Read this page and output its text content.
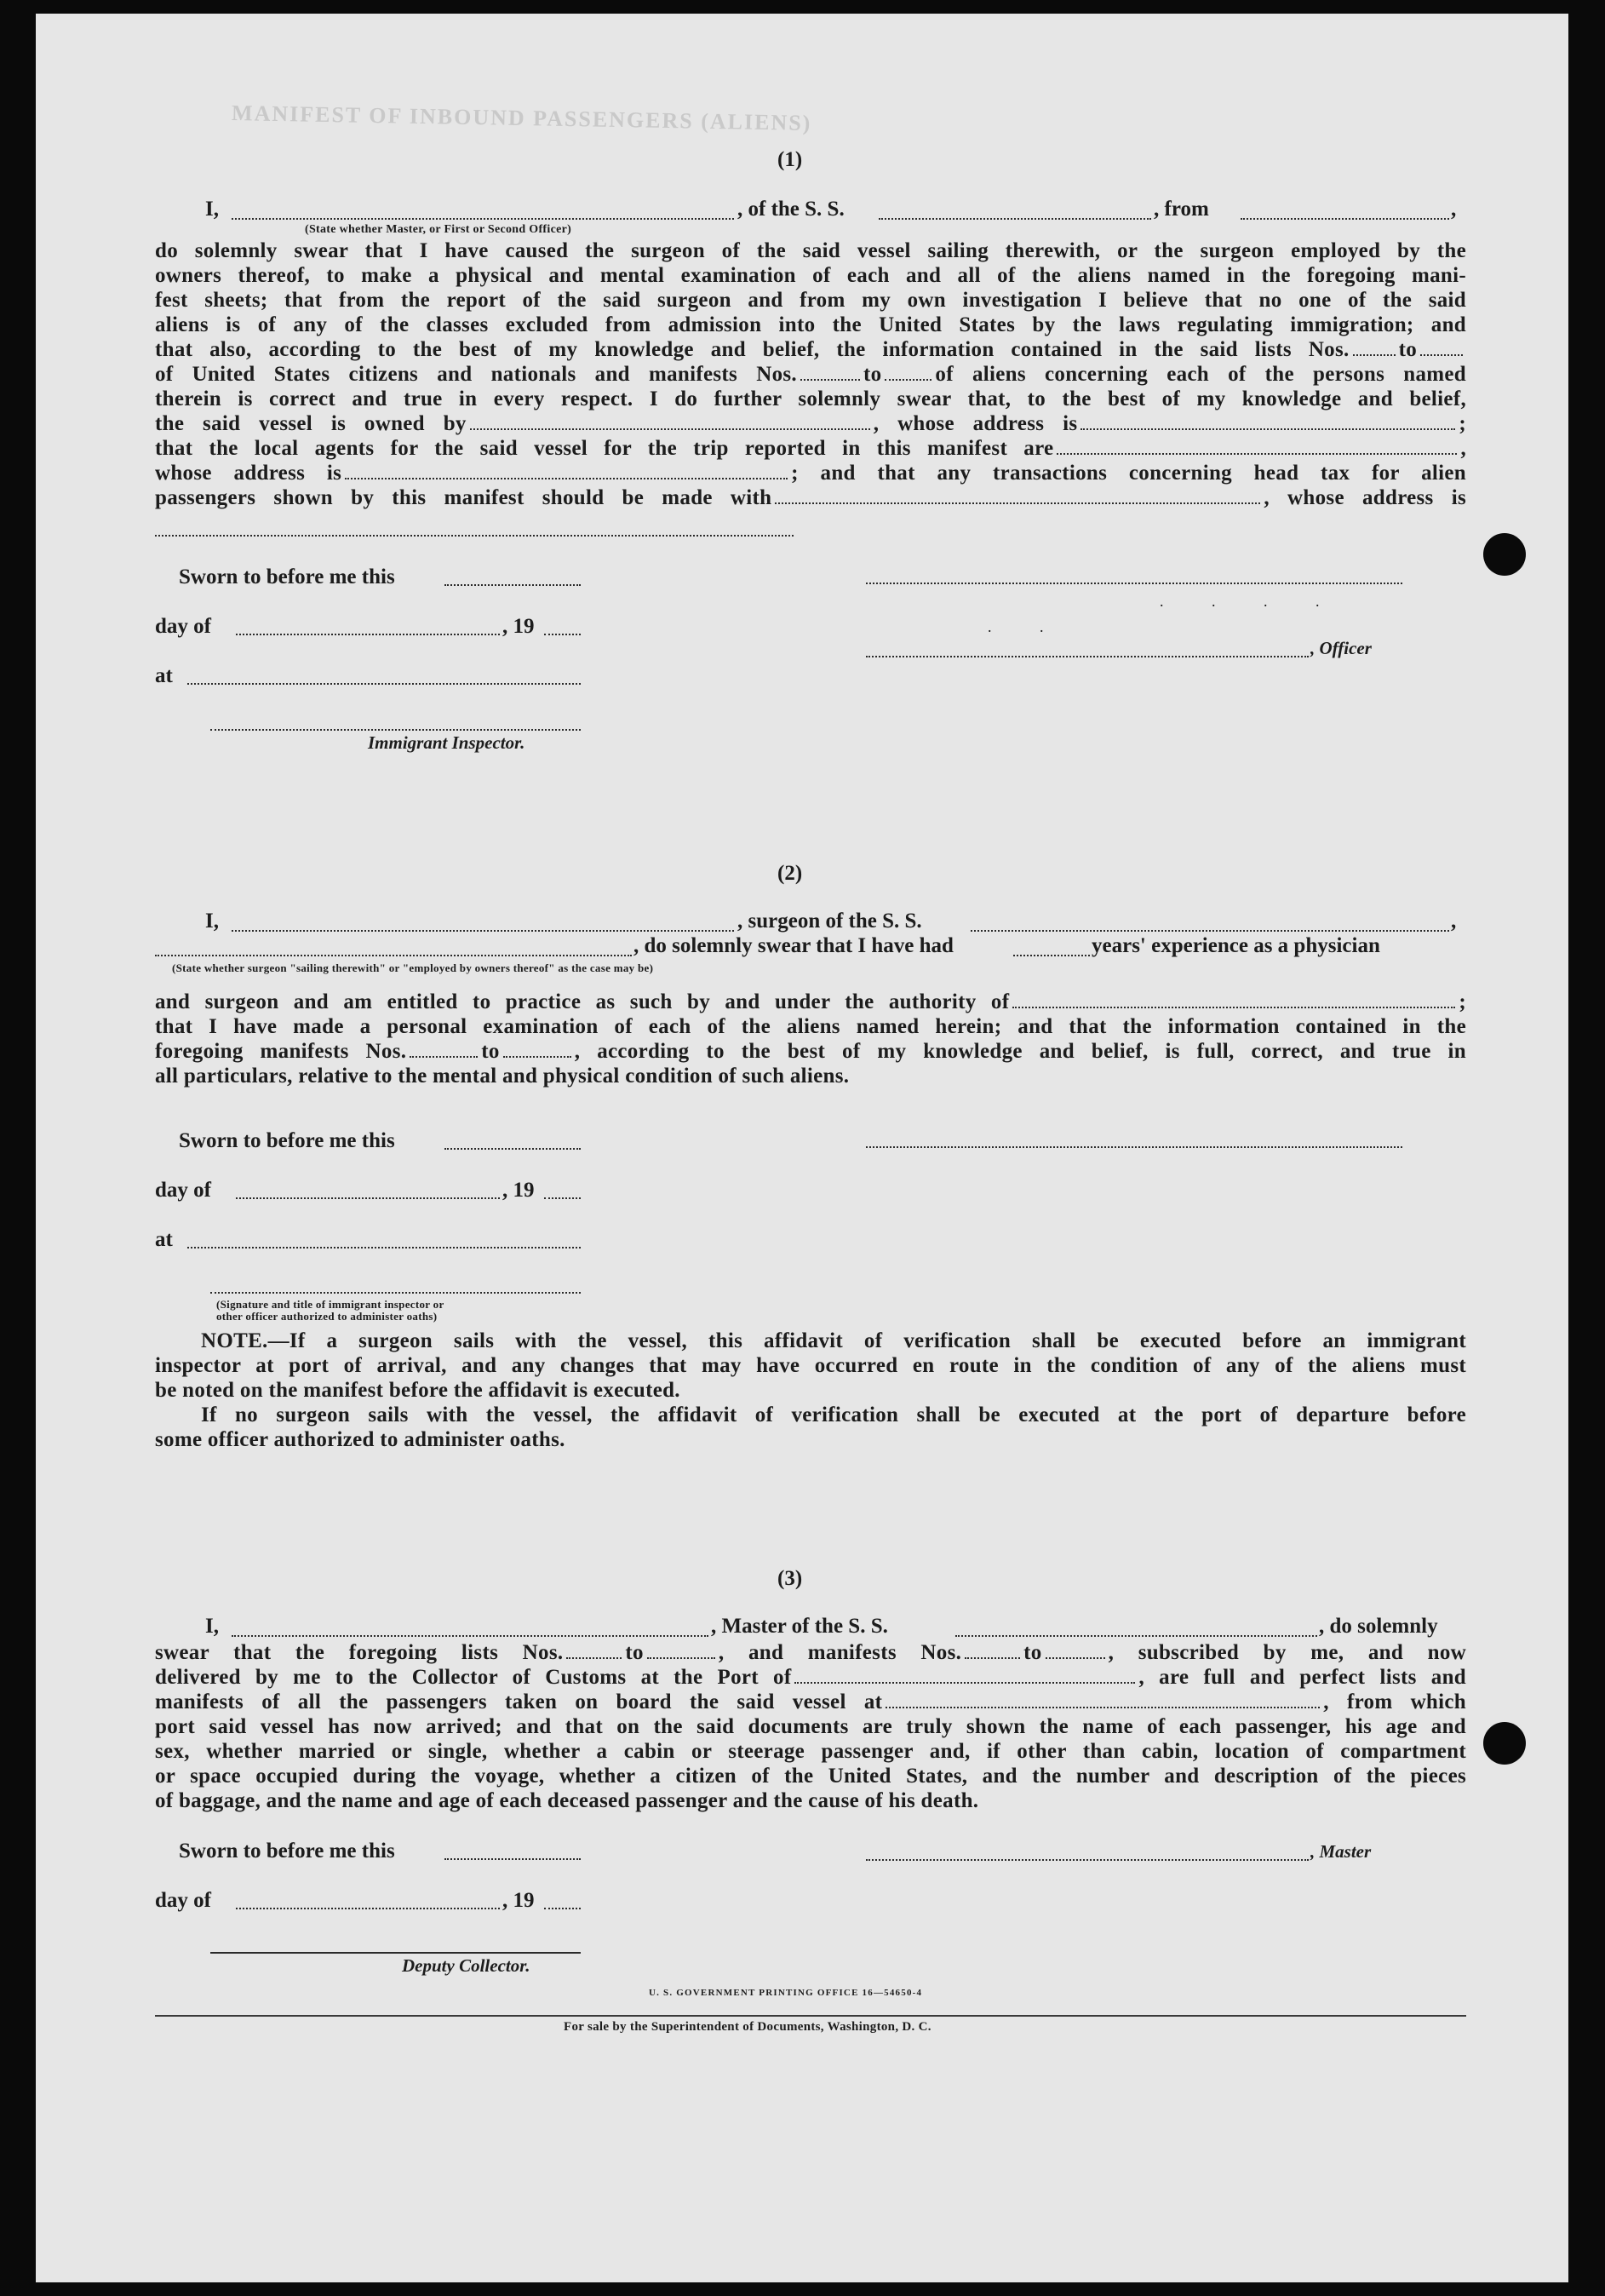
MANIFEST OF INBOUND PASSENGERS (ALIENS)
(1)
I,	, of the S. S.	, from	,
(State whether Master, or First or Second Officer)
do solemnly swear that I have caused the surgeon of the said vessel sailing therewith, or the surgeon employed by the
owners thereof, to make a physical and mental examination of each and all of the aliens named in the foregoing mani-
fest sheets; that from the report of the said surgeon and from my own investigation I believe that no one of the said
aliens is of any of the classes excluded from admission into the United States by the laws regulating immigration; and
that also, according to the best of my knowledge and belief, the information contained in the said lists Nos. to
of United States citizens and nationals and manifests Nos.	to	of aliens concerning each of the persons named
therein is correct and true in every respect. I do further solemnly swear that, to the best of my knowledge and belief,
the said vessel is owned by	, whose address is	;
that the local agents for the said vessel for the trip reported in this manifest are	,
whose address is	; and that any transactions concerning head tax for alien
passengers shown by this manifest should be made with	, whose address is
Sworn to before me this
day of	, 19
at
Immigrant Inspector.
, Officer
(2)
I,	, surgeon of the S. S.	,
, do solemnly swear that I have had	years' experience as a physician
(State whether surgeon "sailing therewith" or "employed by owners thereof" as the case may be)
and surgeon and am entitled to practice as such by and under the authority of	;
that I have made a personal examination of each of the aliens named herein; and that the information contained in the
foregoing manifests Nos.	to	, according to the best of my knowledge and belief, is full, correct, and true in
all particulars, relative to the mental and physical condition of such aliens.
Sworn to before me this
day of	, 19
at
(Signature and title of immigrant inspector or
other officer authorized to administer oaths)
NOTE.—If a surgeon sails with the vessel, this affidavit of verification shall be executed before an immigrant
inspector at port of arrival, and any changes that may have occurred en route in the condition of any of the aliens must
be noted on the manifest before the affidavit is executed.
If no surgeon sails with the vessel, the affidavit of verification shall be executed at the port of departure before
some officer authorized to administer oaths.
(3)
I,	, Master of the S. S.	, do solemnly
swear that the foregoing lists Nos.	to	, and manifests Nos.	to	, subscribed by me, and now
delivered by me to the Collector of Customs at the Port of	, are full and perfect lists and
manifests of all the passengers taken on board the said vessel at	, from which
port said vessel has now arrived; and that on the said documents are truly shown the name of each passenger, his age and
sex, whether married or single, whether a cabin or steerage passenger and, if other than cabin, location of compartment
or space occupied during the voyage, whether a citizen of the United States, and the number and description of the pieces
of baggage, and the name and age of each deceased passenger and the cause of his death.
Sworn to before me this	, Master
day of	, 19
Deputy Collector.
U. S. GOVERNMENT PRINTING OFFICE 16—54650-4
For sale by the Superintendent of Documents, Washington, D. C.
. . . .
. .
